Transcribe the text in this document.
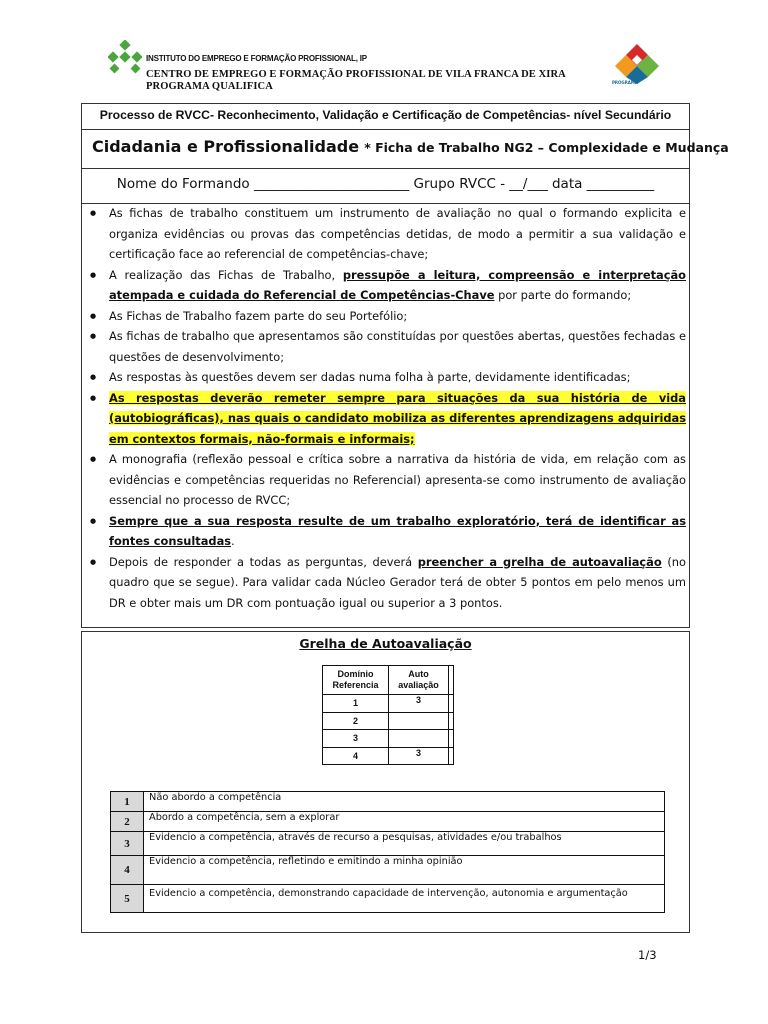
INSTITUTO DO EMPREGO E FORMAÇÃO PROFISSIONAL, IP
CENTRO DE EMPREGO E FORMAÇÃO PROFISSIONAL DE VILA FRANCA DE XIRA
PROGRAMA QUALIFICA	PROGRAMA
Processo de RVCC- Reconhecimento, Validação e Certificação de Competências- nível Secundário
Cidadania e Profissionalidade * Ficha de Trabalho NG2 – Complexidade e Mudança
Nome do Formando _______________________ Grupo RVCC - __/___ data __________
● As fichas de trabalho constituem um instrumento de avaliação no qual o formando explicita e organiza evidências ou provas das competências detidas, de modo a permitir a sua validação e certificação face ao referencial de competências-chave;
● A realização das Fichas de Trabalho, pressupõe a leitura, compreensão e interpretação atempada e cuidada do Referencial de Competências-Chave por parte do formando;
● As Fichas de Trabalho fazem parte do seu Portefólio;
● As fichas de trabalho que apresentamos são constituídas por questões abertas, questões fechadas e questões de desenvolvimento;
● As respostas às questões devem ser dadas numa folha à parte, devidamente identificadas;
● As respostas deverão remeter sempre para situações da sua história de vida (autobiográficas), nas quais o candidato mobiliza as diferentes aprendizagens adquiridas em contextos formais, não-formais e informais;
● A monografia (reflexão pessoal e crítica sobre a narrativa da história de vida, em relação com as evidências e competências requeridas no Referencial) apresenta-se como instrumento de avaliação essencial no processo de RVCC;
● Sempre que a sua resposta resulte de um trabalho exploratório, terá de identificar as fontes consultadas.
● Depois de responder a todas as perguntas, deverá preencher a grelha de autoavaliação (no quadro que se segue). Para validar cada Núcleo Gerador terá de obter 5 pontos em pelo menos um DR e obter mais um DR com pontuação igual ou superior a 3 pontos.
Grelha de Autoavaliação
Domínio Referencia	Auto avaliação	
1	3	
2		
3		
4	3	
1	Não abordo a competência
2	Abordo a competência, sem a explorar
3	Evidencio a competência, através de recurso a pesquisas, atividades e/ou trabalhos
4	Evidencio a competência, refletindo e emitindo a minha opinião
5	Evidencio a competência, demonstrando capacidade de intervenção, autonomia e argumentação
1/3
